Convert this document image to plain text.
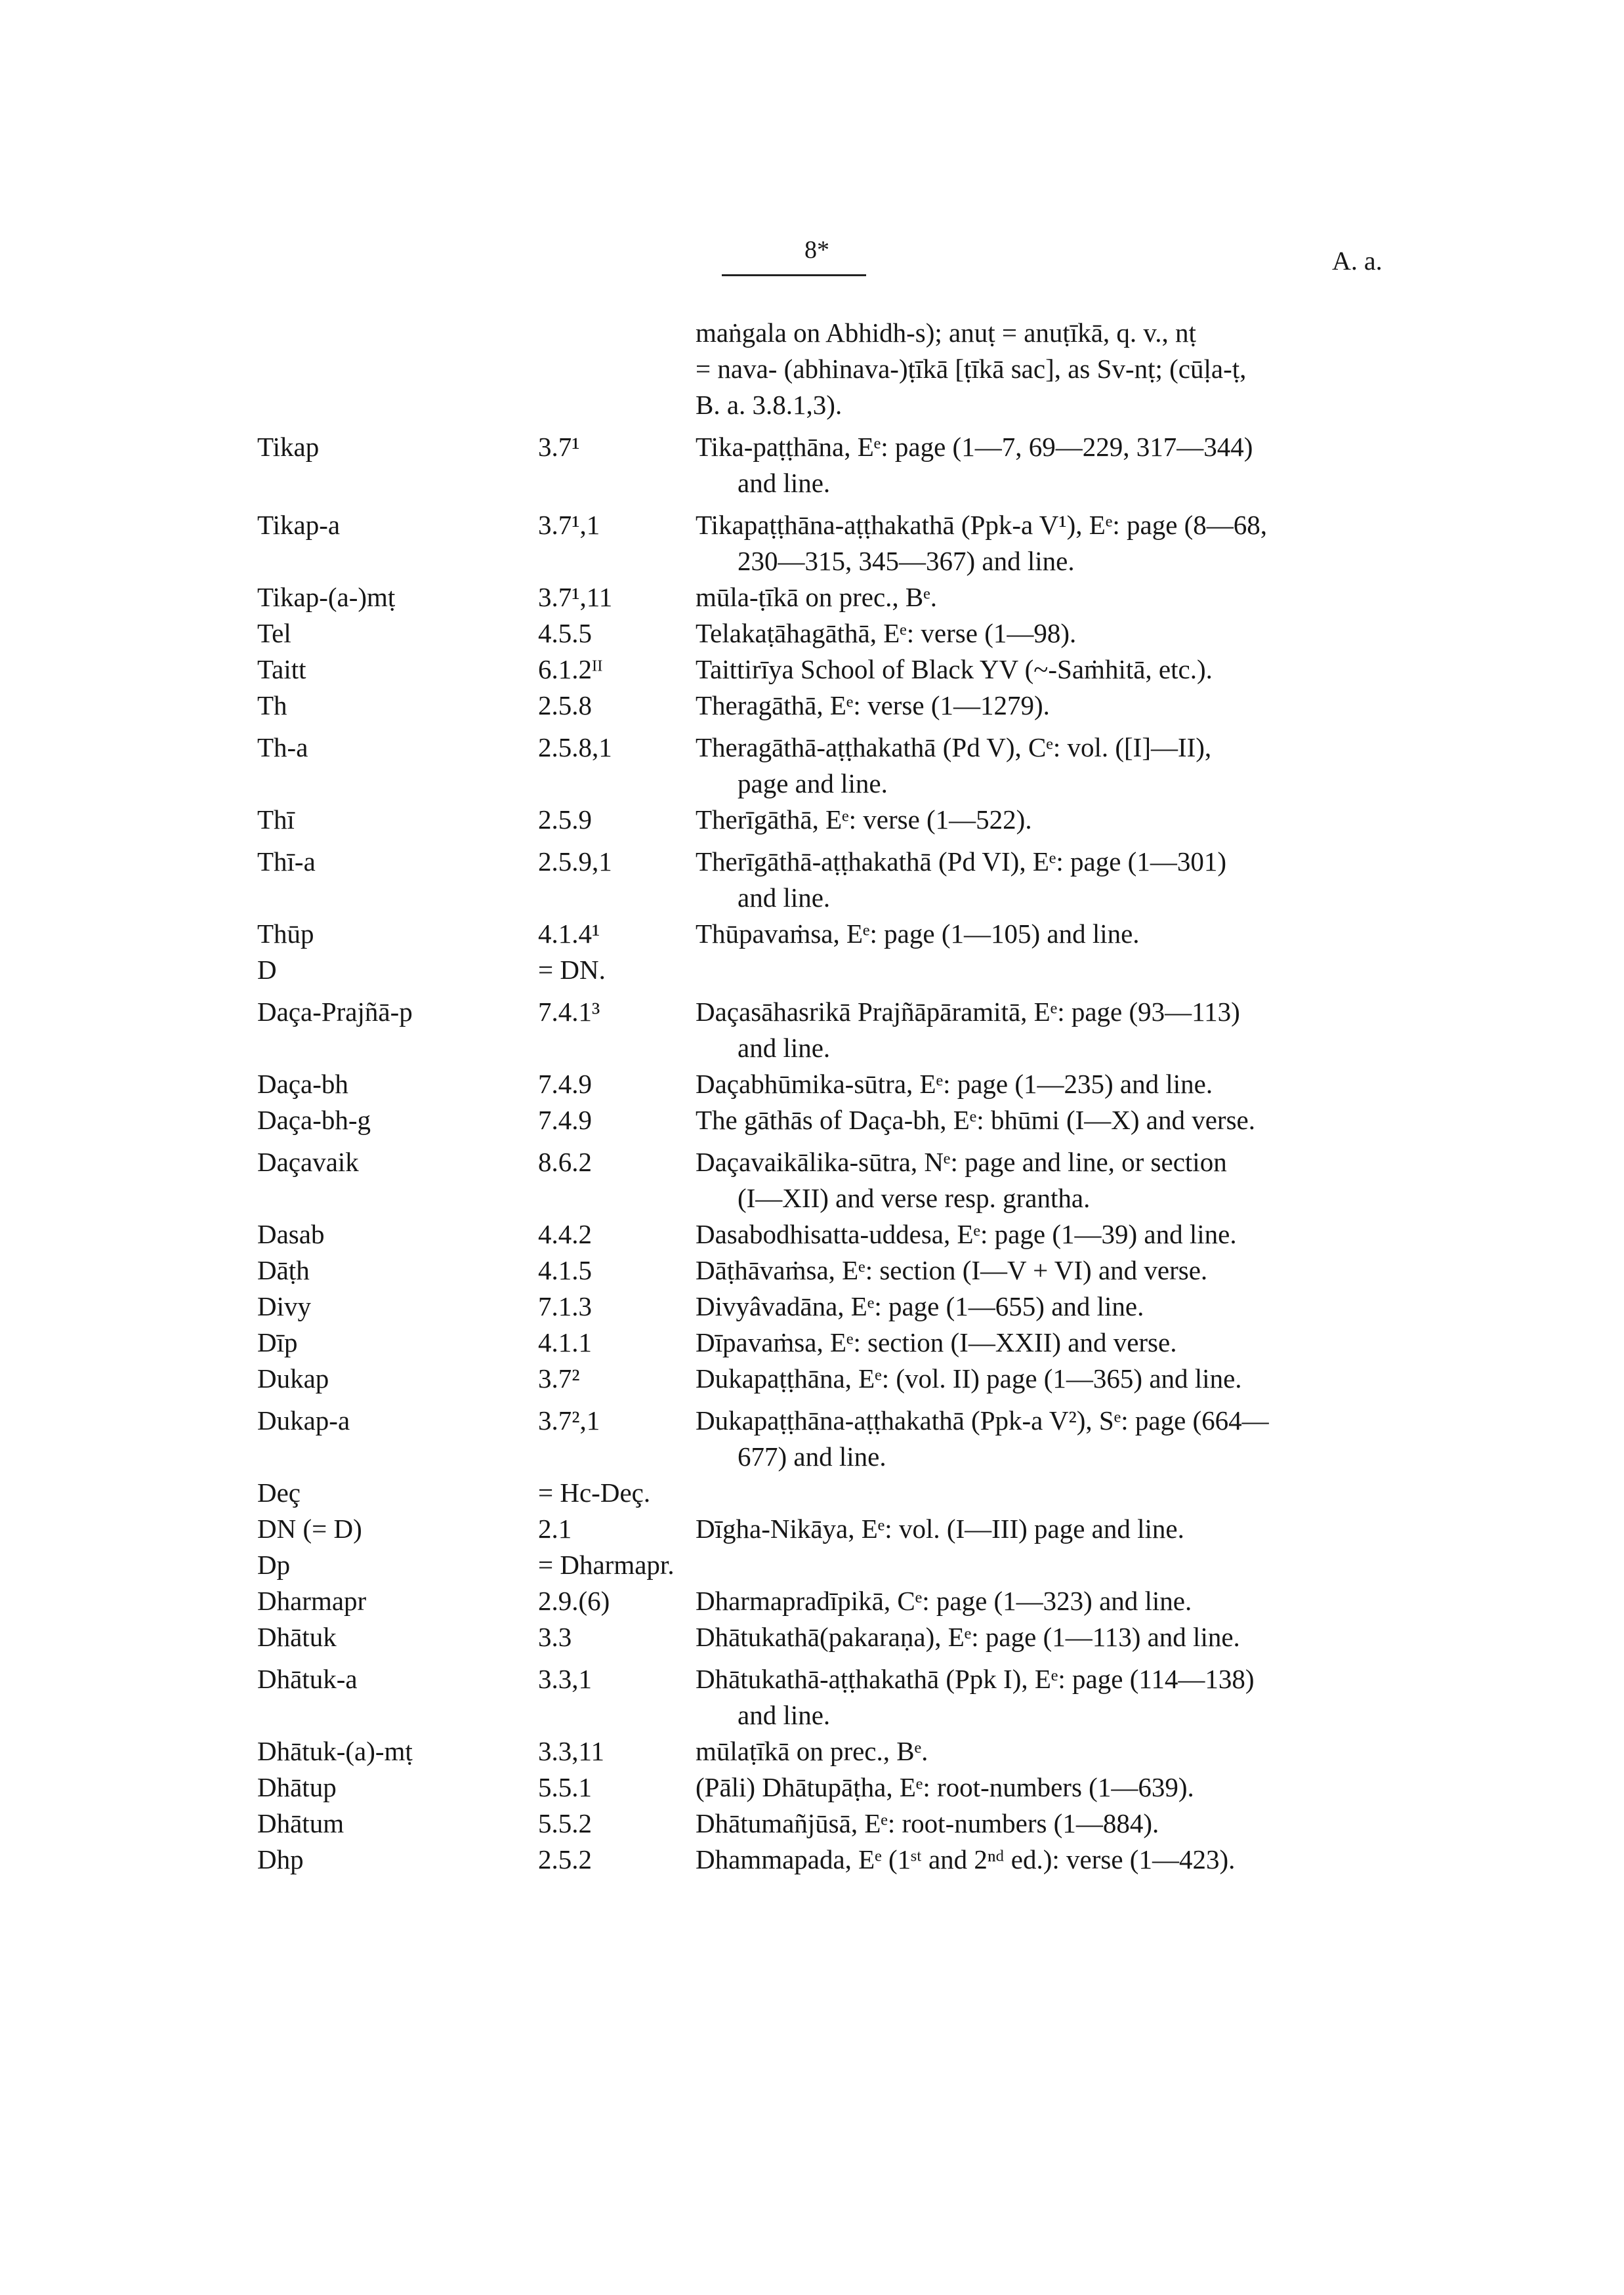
8*	A. a.
maṅgala on Abhidh-s); anuṭ = anuṭīkā, q. v., nṭ
= nava- (abhinava-)ṭīkā [ṭīkā sac], as Sv-nṭ; (cūḷa-ṭ,
B. a. 3.8.1,3).
Tikap	3.7¹	Tika-paṭṭhāna, Eᵉ: page (1—7, 69—229, 317—344)
and line.
Tikap-a	3.7¹,1	Tikapaṭṭhāna-aṭṭhakathā (Ppk-a V¹), Eᵉ: page (8—68,
230—315, 345—367) and line.
Tikap-(a-)mṭ	3.7¹,11	mūla-ṭīkā on prec., Bᵉ.
Tel	4.5.5	Telakaṭāhagāthā, Eᵉ: verse (1—98).
Taitt	6.1.2ᴵᴵ	Taittirīya School of Black YV (~-Saṁhitā, etc.).
Th	2.5.8	Theragāthā, Eᵉ: verse (1—1279).
Th-a	2.5.8,1	Theragāthā-aṭṭhakathā (Pd V), Cᵉ: vol. ([I]—II),
page and line.
Thī	2.5.9	Therīgāthā, Eᵉ: verse (1—522).
Thī-a	2.5.9,1	Therīgāthā-aṭṭhakathā (Pd VI), Eᵉ: page (1—301)
and line.
Thūp	4.1.4¹	Thūpavaṁsa, Eᵉ: page (1—105) and line.
D	= DN.
Daça-Prajñā-p	7.4.1³	Daçasāhasrikā Prajñāpāramitā, Eᵉ: page (93—113)
and line.
Daça-bh	7.4.9	Daçabhūmika-sūtra, Eᵉ: page (1—235) and line.
Daça-bh-g	7.4.9	The gāthās of Daça-bh, Eᵉ: bhūmi (I—X) and verse.
Daçavaik	8.6.2	Daçavaikālika-sūtra, Nᵉ: page and line, or section
(I—XII) and verse resp. grantha.
Dasab	4.4.2	Dasabodhisatta-uddesa, Eᵉ: page (1—39) and line.
Dāṭh	4.1.5	Dāṭhāvaṁsa, Eᵉ: section (I—V + VI) and verse.
Divy	7.1.3	Divyâvadāna, Eᵉ: page (1—655) and line.
Dīp	4.1.1	Dīpavaṁsa, Eᵉ: section (I—XXII) and verse.
Dukap	3.7²	Dukapaṭṭhāna, Eᵉ: (vol. II) page (1—365) and line.
Dukap-a	3.7²,1	Dukapaṭṭhāna-aṭṭhakathā (Ppk-a V²), Sᵉ: page (664—
677) and line.
Deç	= Hc-Deç.
DN (= D)	2.1	Dīgha-Nikāya, Eᵉ: vol. (I—III) page and line.
Dp	= Dharmapr.
Dharmapr	2.9.(6)	Dharmapradīpikā, Cᵉ: page (1—323) and line.
Dhātuk	3.3	Dhātukathā(pakaraṇa), Eᵉ: page (1—113) and line.
Dhātuk-a	3.3,1	Dhātukathā-aṭṭhakathā (Ppk I), Eᵉ: page (114—138)
and line.
Dhātuk-(a)-mṭ	3.3,11	mūlaṭīkā on prec., Bᵉ.
Dhātup	5.5.1	(Pāli) Dhātupāṭha, Eᵉ: root-numbers (1—639).
Dhātum	5.5.2	Dhātumañjūsā, Eᵉ: root-numbers (1—884).
Dhp	2.5.2	Dhammapada, Eᵉ (1ˢᵗ and 2ⁿᵈ ed.): verse (1—423).
